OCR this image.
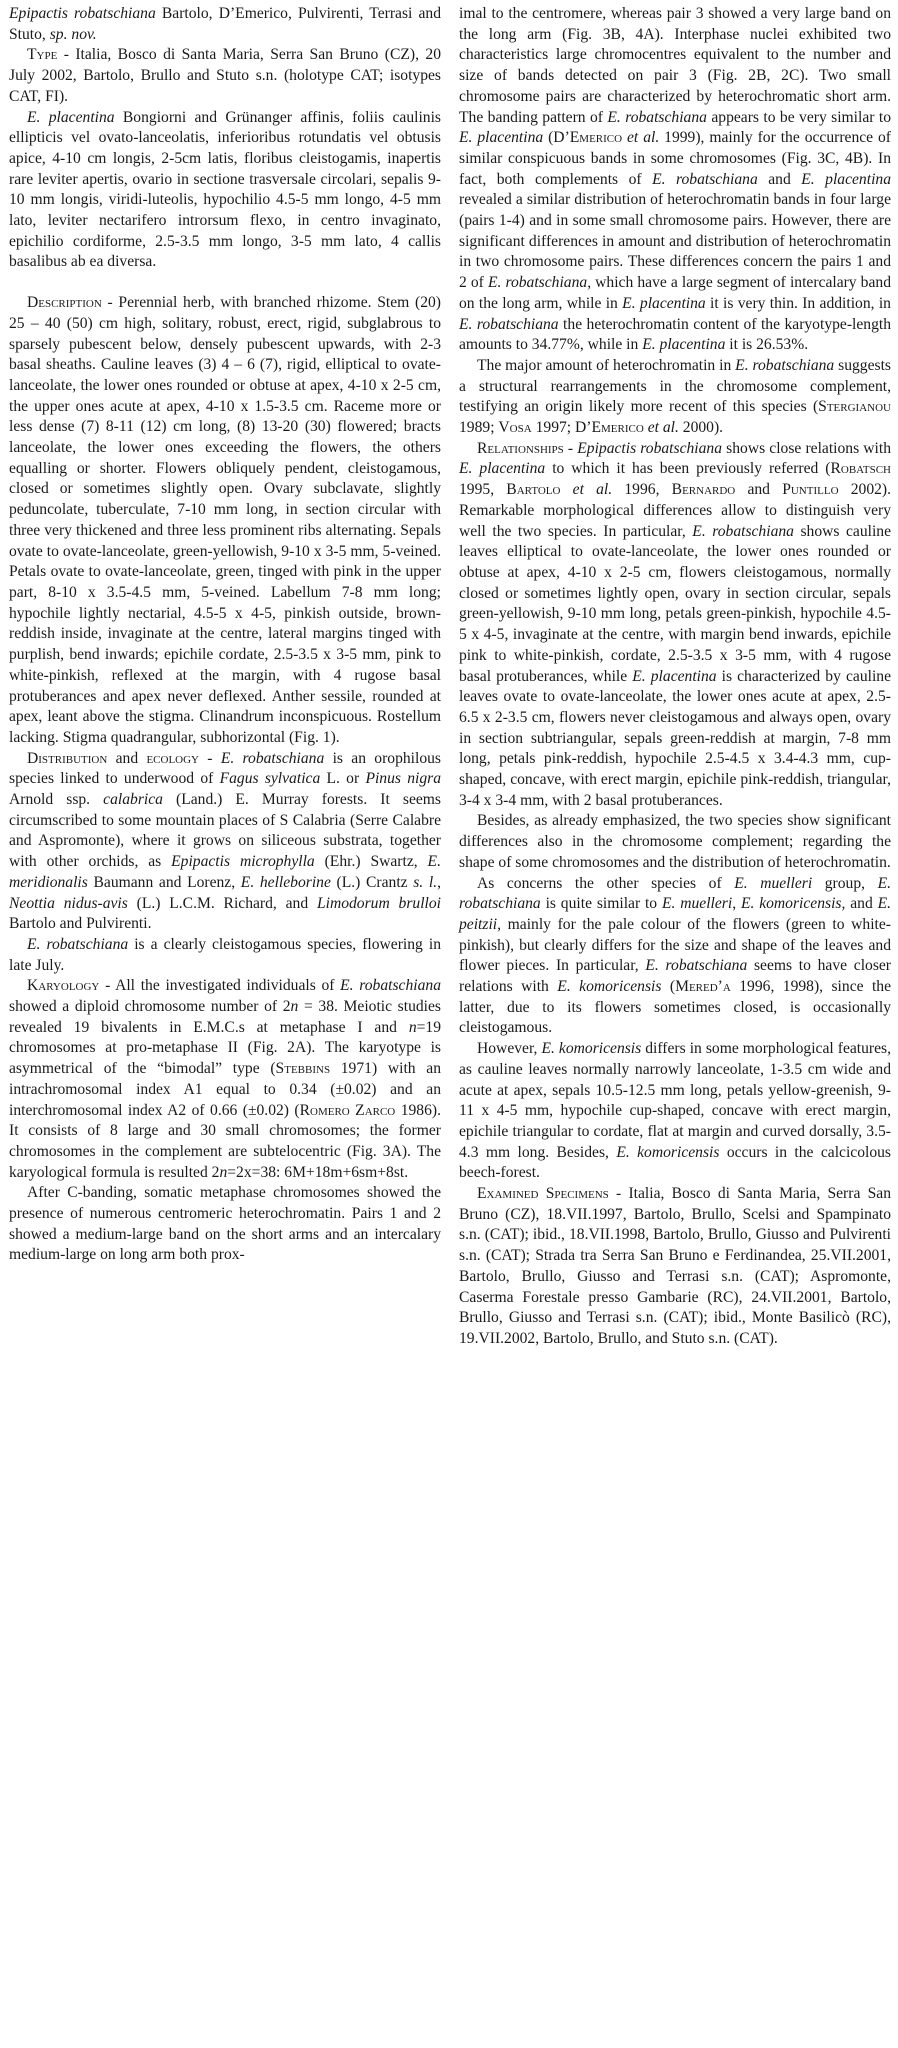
Epipactis robatschiana Bartolo, D’Emerico, Pulvirenti, Terrasi and Stuto, sp. nov.

Type - Italia, Bosco di Santa Maria, Serra San Bruno (CZ), 20 July 2002, Bartolo, Brullo and Stuto s.n. (holotype CAT; isotypes CAT, FI).

E. placentina Bongiorni and Grünanger affinis, foliis caulinis ellipticis vel ovato-lanceolatis, inferioribus rotundatis vel obtusis apice, 4-10 cm longis, 2-5cm latis, floribus cleistogamis, inapertis rare leviter apertis, ovario in sectione trasversale circolari, sepalis 9-10 mm longis, viridi-luteolis, hypochilio 4.5-5 mm longo, 4-5 mm lato, leviter nectarifero introrsum flexo, in centro invaginato, epichilio cordiforme, 2.5-3.5 mm longo, 3-5 mm lato, 4 callis basalibus ab ea diversa.

Description - Perennial herb, with branched rhizome. Stem (20) 25 – 40 (50) cm high, solitary, robust, erect, rigid, subglabrous to sparsely pubescent below, densely pubescent upwards, with 2-3 basal sheaths. Cauline leaves (3) 4 – 6 (7), rigid, elliptical to ovate-lanceolate, the lower ones rounded or obtuse at apex, 4-10 x 2-5 cm, the upper ones acute at apex, 4-10 x 1.5-3.5 cm. Raceme more or less dense (7) 8-11 (12) cm long, (8) 13-20 (30) flowered; bracts lanceolate, the lower ones exceeding the flowers, the others equalling or shorter. Flowers obliquely pendent, cleistogamous, closed or sometimes slightly open. Ovary subclavate, slightly peduncolate, tuberculate, 7-10 mm long, in section circular with three very thickened and three less prominent ribs alternating. Sepals ovate to ovate-lanceolate, green-yellowish, 9-10 x 3-5 mm, 5-veined. Petals ovate to ovate-lanceolate, green, tinged with pink in the upper part, 8-10 x 3.5-4.5 mm, 5-veined. Labellum 7-8 mm long; hypochile lightly nectarial, 4.5-5 x 4-5, pinkish outside, brown-reddish inside, invaginate at the centre, lateral margins tinged with purplish, bend inwards; epichile cordate, 2.5-3.5 x 3-5 mm, pink to white-pinkish, reflexed at the margin, with 4 rugose basal protuberances and apex never deflexed. Anther sessile, rounded at apex, leant above the stigma. Clinandrum inconspicuous. Rostellum lacking. Stigma quadrangular, subhorizontal (Fig. 1).

Distribution and ecology - E. robatschiana is an orophilous species linked to underwood of Fagus sylvatica L. or Pinus nigra Arnold ssp. calabrica (Land.) E. Murray forests. It seems circumscribed to some mountain places of S Calabria (Serre Calabre and Aspromonte), where it grows on siliceous substrata, together with other orchids, as Epipactis microphylla (Ehr.) Swartz, E. meridionalis Baumann and Lorenz, E. helleborine (L.) Crantz s. l., Neottia nidus-avis (L.) L.C.M. Richard, and Limodorum brulloi Bartolo and Pulvirenti.

E. robatschiana is a clearly cleistogamous species, flowering in late July.

Karyology - All the investigated individuals of E. robatschiana showed a diploid chromosome number of 2n = 38. Meiotic studies revealed 19 bivalents in E.M.C.s at metaphase I and n=19 chromosomes at pro-metaphase II (Fig. 2A). The karyotype is asymmetrical of the “bimodal” type (Stebbins 1971) with an intrachromosomal index A1 equal to 0.34 (±0.02) and an interchromosomal index A2 of 0.66 (±0.02) (Romero Zarco 1986). It consists of 8 large and 30 small chromosomes; the former chromosomes in the complement are subtelocentric (Fig. 3A). The karyological formula is resulted 2n=2x=38: 6M+18m+6sm+8st.

After C-banding, somatic metaphase chromosomes showed the presence of numerous centromeric heterochromatin. Pairs 1 and 2 showed a medium-large band on the short arms and an intercalary medium-large on long arm both prox-

imal to the centromere, whereas pair 3 showed a very large band on the long arm (Fig. 3B, 4A). Interphase nuclei exhibited two characteristics large chromocentres equivalent to the number and size of bands detected on pair 3 (Fig. 2B, 2C). Two small chromosome pairs are characterized by heterochromatic short arm. The banding pattern of E. robatschiana appears to be very similar to E. placentina (D’Emerico et al. 1999), mainly for the occurrence of similar conspicuous bands in some chromosomes (Fig. 3C, 4B). In fact, both complements of E. robatschiana and E. placentina revealed a similar distribution of heterochromatin bands in four large (pairs 1-4) and in some small chromosome pairs. However, there are significant differences in amount and distribution of heterochromatin in two chromosome pairs. These differences concern the pairs 1 and 2 of E. robatschiana, which have a large segment of intercalary band on the long arm, while in E. placentina it is very thin. In addition, in E. robatschiana the heterochromatin content of the karyotype-length amounts to 34.77%, while in E. placentina it is 26.53%.

The major amount of heterochromatin in E. robatschiana suggests a structural rearrangements in the chromosome complement, testifying an origin likely more recent of this species (Stergianou 1989; Vosa 1997; D’Emerico et al. 2000).

Relationships - Epipactis robatschiana shows close relations with E. placentina to which it has been previously referred (Robatsch 1995, Bartolo et al. 1996, Bernardo and Puntillo 2002). Remarkable morphological differences allow to distinguish very well the two species. In particular, E. robatschiana shows cauline leaves elliptical to ovate-lanceolate, the lower ones rounded or obtuse at apex, 4-10 x 2-5 cm, flowers cleistogamous, normally closed or sometimes lightly open, ovary in section circular, sepals green-yellowish, 9-10 mm long, petals green-pinkish, hypochile 4.5-5 x 4-5, invaginate at the centre, with margin bend inwards, epichile pink to white-pinkish, cordate, 2.5-3.5 x 3-5 mm, with 4 rugose basal protuberances, while E. placentina is characterized by cauline leaves ovate to ovate-lanceolate, the lower ones acute at apex, 2.5-6.5 x 2-3.5 cm, flowers never cleistogamous and always open, ovary in section subtriangular, sepals green-reddish at margin, 7-8 mm long, petals pink-reddish, hypochile 2.5-4.5 x 3.4-4.3 mm, cup-shaped, concave, with erect margin, epichile pink-reddish, triangular, 3-4 x 3-4 mm, with 2 basal protuberances.

Besides, as already emphasized, the two species show significant differences also in the chromosome complement; regarding the shape of some chromosomes and the distribution of heterochromatin.

As concerns the other species of E. muelleri group, E. robatschiana is quite similar to E. muelleri, E. komoricensis, and E. peitzii, mainly for the pale colour of the flowers (green to white-pinkish), but clearly differs for the size and shape of the leaves and flower pieces. In particular, E. robatschiana seems to have closer relations with E. komoricensis (Mered’a 1996, 1998), since the latter, due to its flowers sometimes closed, is occasionally cleistogamous.

However, E. komoricensis differs in some morphological features, as cauline leaves normally narrowly lanceolate, 1-3.5 cm wide and acute at apex, sepals 10.5-12.5 mm long, petals yellow-greenish, 9-11 x 4-5 mm, hypochile cup-shaped, concave with erect margin, epichile triangular to cordate, flat at margin and curved dorsally, 3.5-4.3 mm long. Besides, E. komoricensis occurs in the calcicolous beech-forest.

Examined Specimens - Italia, Bosco di Santa Maria, Serra San Bruno (CZ), 18.VII.1997, Bartolo, Brullo, Scelsi and Spampinato s.n. (CAT); ibid., 18.VII.1998, Bartolo, Brullo, Giusso and Pulvirenti s.n. (CAT); Strada tra Serra San Bruno e Ferdinandea, 25.VII.2001, Bartolo, Brullo, Giusso and Terrasi s.n. (CAT); Aspromonte, Caserma Forestale presso Gambarie (RC), 24.VII.2001, Bartolo, Brullo, Giusso and Terrasi s.n. (CAT); ibid., Monte Basilicò (RC), 19.VII.2002, Bartolo, Brullo, and Stuto s.n. (CAT).
